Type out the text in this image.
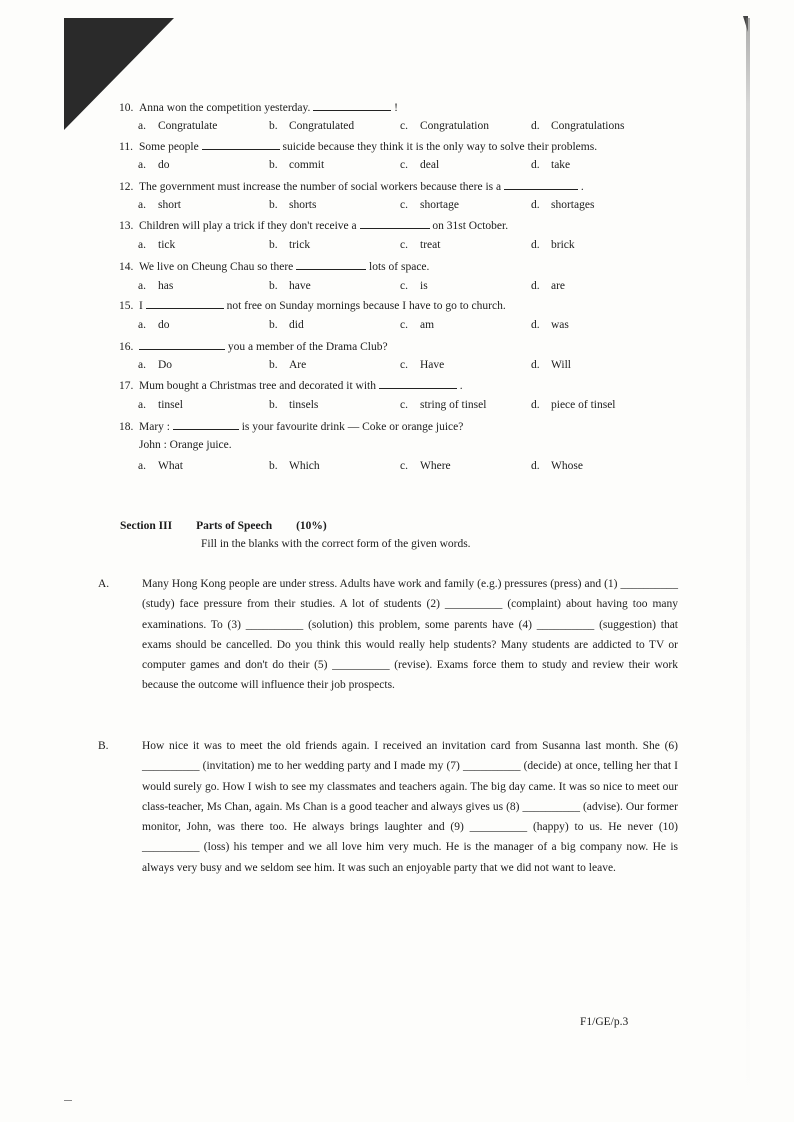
10. Anna won the competition yesterday.	!
a. Congratulate	b. Congratulated	c. Congratulation	d. Congratulations
11. Some people	suicide because they think it is the only way to solve their problems.
a. do	b. commit	c. deal	d. take
12. The government must increase the number of social workers because there is a	.
a. short	b. shorts	c. shortage	d. shortages
13. Children will play a trick if they don't receive a	on 31st October.
a. tick	b. trick	c. treat	d. brick
14. We live on Cheung Chau so there	lots of space.
a. has	b. have	c. is	d. are
15. I	not free on Sunday mornings because I have to go to church.
a. do	b. did	c. am	d. was
16.	you a member of the Drama Club?
a. Do	b. Are	c. Have	d. Will
17. Mum bought a Christmas tree and decorated it with	.
a. tinsel	b. tinsels	c. string of tinsel	d. piece of tinsel
18. Mary :	is your favourite drink — Coke or orange juice?
John : Orange juice.
a. What	b. Which	c. Where	d. Whose
Section III Parts of Speech (10%)
Fill in the blanks with the correct form of the given words.

A.	Many Hong Kong people are under stress. Adults have work and family (e.g.) pressures (press) and (1) __________ (study) face pressure from their studies. A lot of students (2) __________ (complaint) about having too many examinations. To (3) __________ (solution) this problem, some parents have (4) __________ (suggestion) that exams should be cancelled. Do you think this would really help students? Many students are addicted to TV or computer games and don't do their (5) __________ (revise). Exams force them to study and review their work because the outcome will influence their job prospects.

B.	How nice it was to meet the old friends again. I received an invitation card from Susanna last month. She (6) __________ (invitation) me to her wedding party and I made my (7) __________ (decide) at once, telling her that I would surely go. How I wish to see my classmates and teachers again. The big day came. It was so nice to meet our class-teacher, Ms Chan, again. Ms Chan is a good teacher and always gives us (8) __________ (advise). Our former monitor, John, was there too. He always brings laughter and (9) __________ (happy) to us. He never (10) __________ (loss) his temper and we all love him very much. He is the manager of a big company now. He is always very busy and we seldom see him. It was such an enjoyable party that we did not want to leave.

F1/GE/p.3
